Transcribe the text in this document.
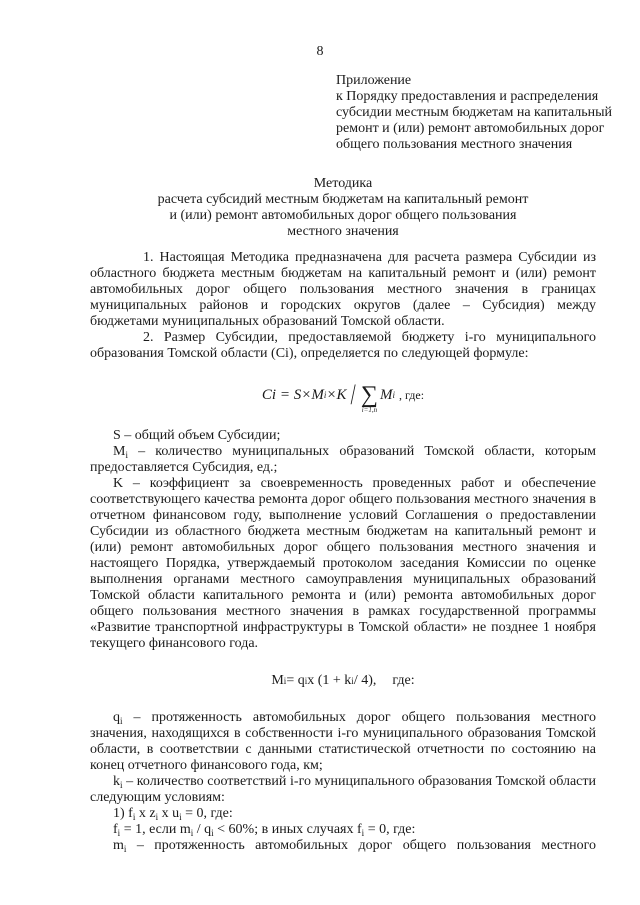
8
Приложение
к Порядку предоставления и распределения
субсидии местным бюджетам на капитальный
ремонт и (или) ремонт автомобильных дорог
общего пользования местного значения
Методика
расчета субсидий местным бюджетам на капитальный ремонт
и (или) ремонт автомобильных дорог общего пользования
местного значения

1. Настоящая Методика предназначена для расчета размера Субсидии из областного бюджета местным бюджетам на капитальный ремонт и (или) ремонт автомобильных дорог общего пользования местного значения в границах муниципальных районов и городских округов (далее – Субсидия) между бюджетами муниципальных образований Томской области.

2. Размер Субсидии, предоставляемой бюджету i-го муниципального образования Томской области (Ci), определяется по следующей формуле:

Ci = S×M i ×K / ∑
i=1,n
M i , где:

S – общий объем Субсидии;

$M_i$ – количество муниципальных образований Томской области, которым предоставляется Субсидия, ед.;

K – коэффициент за своевременность проведенных работ и обеспечение соответствующего качества ремонта дорог общего пользования местного значения в отчетном финансовом году, выполнение условий Соглашения о предоставлении Субсидии из областного бюджета местным бюджетам на капитальный ремонт и (или) ремонт автомобильных дорог общего пользования местного значения и настоящего Порядка, утверждаемый протоколом заседания Комиссии по оценке выполнения органами местного самоуправления муниципальных образований Томской области капитального ремонта и (или) ремонта автомобильных дорог общего пользования местного значения в рамках государственной программы «Развитие транспортной инфраструктуры в Томской области» не позднее 1 ноября текущего финансового года.

M i = q i x (1 + k i / 4), где:

$q_i$ – протяженность автомобильных дорог общего пользования местного значения, находящихся в собственности i-го муниципального образования Томской области, в соответствии с данными статистической отчетности по состоянию на конец отчетного финансового года, км;

$k_i$ – количество соответствий i-го муниципального образования Томской области следующим условиям:

1) $f_i$ x $z_i$ x $u_i = 0$, где:

$f_i = 1$, если $m_i / q_i < 60\%$; в иных случаях $f_i = 0$, где:

$m_i$ – протяженность автомобильных дорог общего пользования местного
